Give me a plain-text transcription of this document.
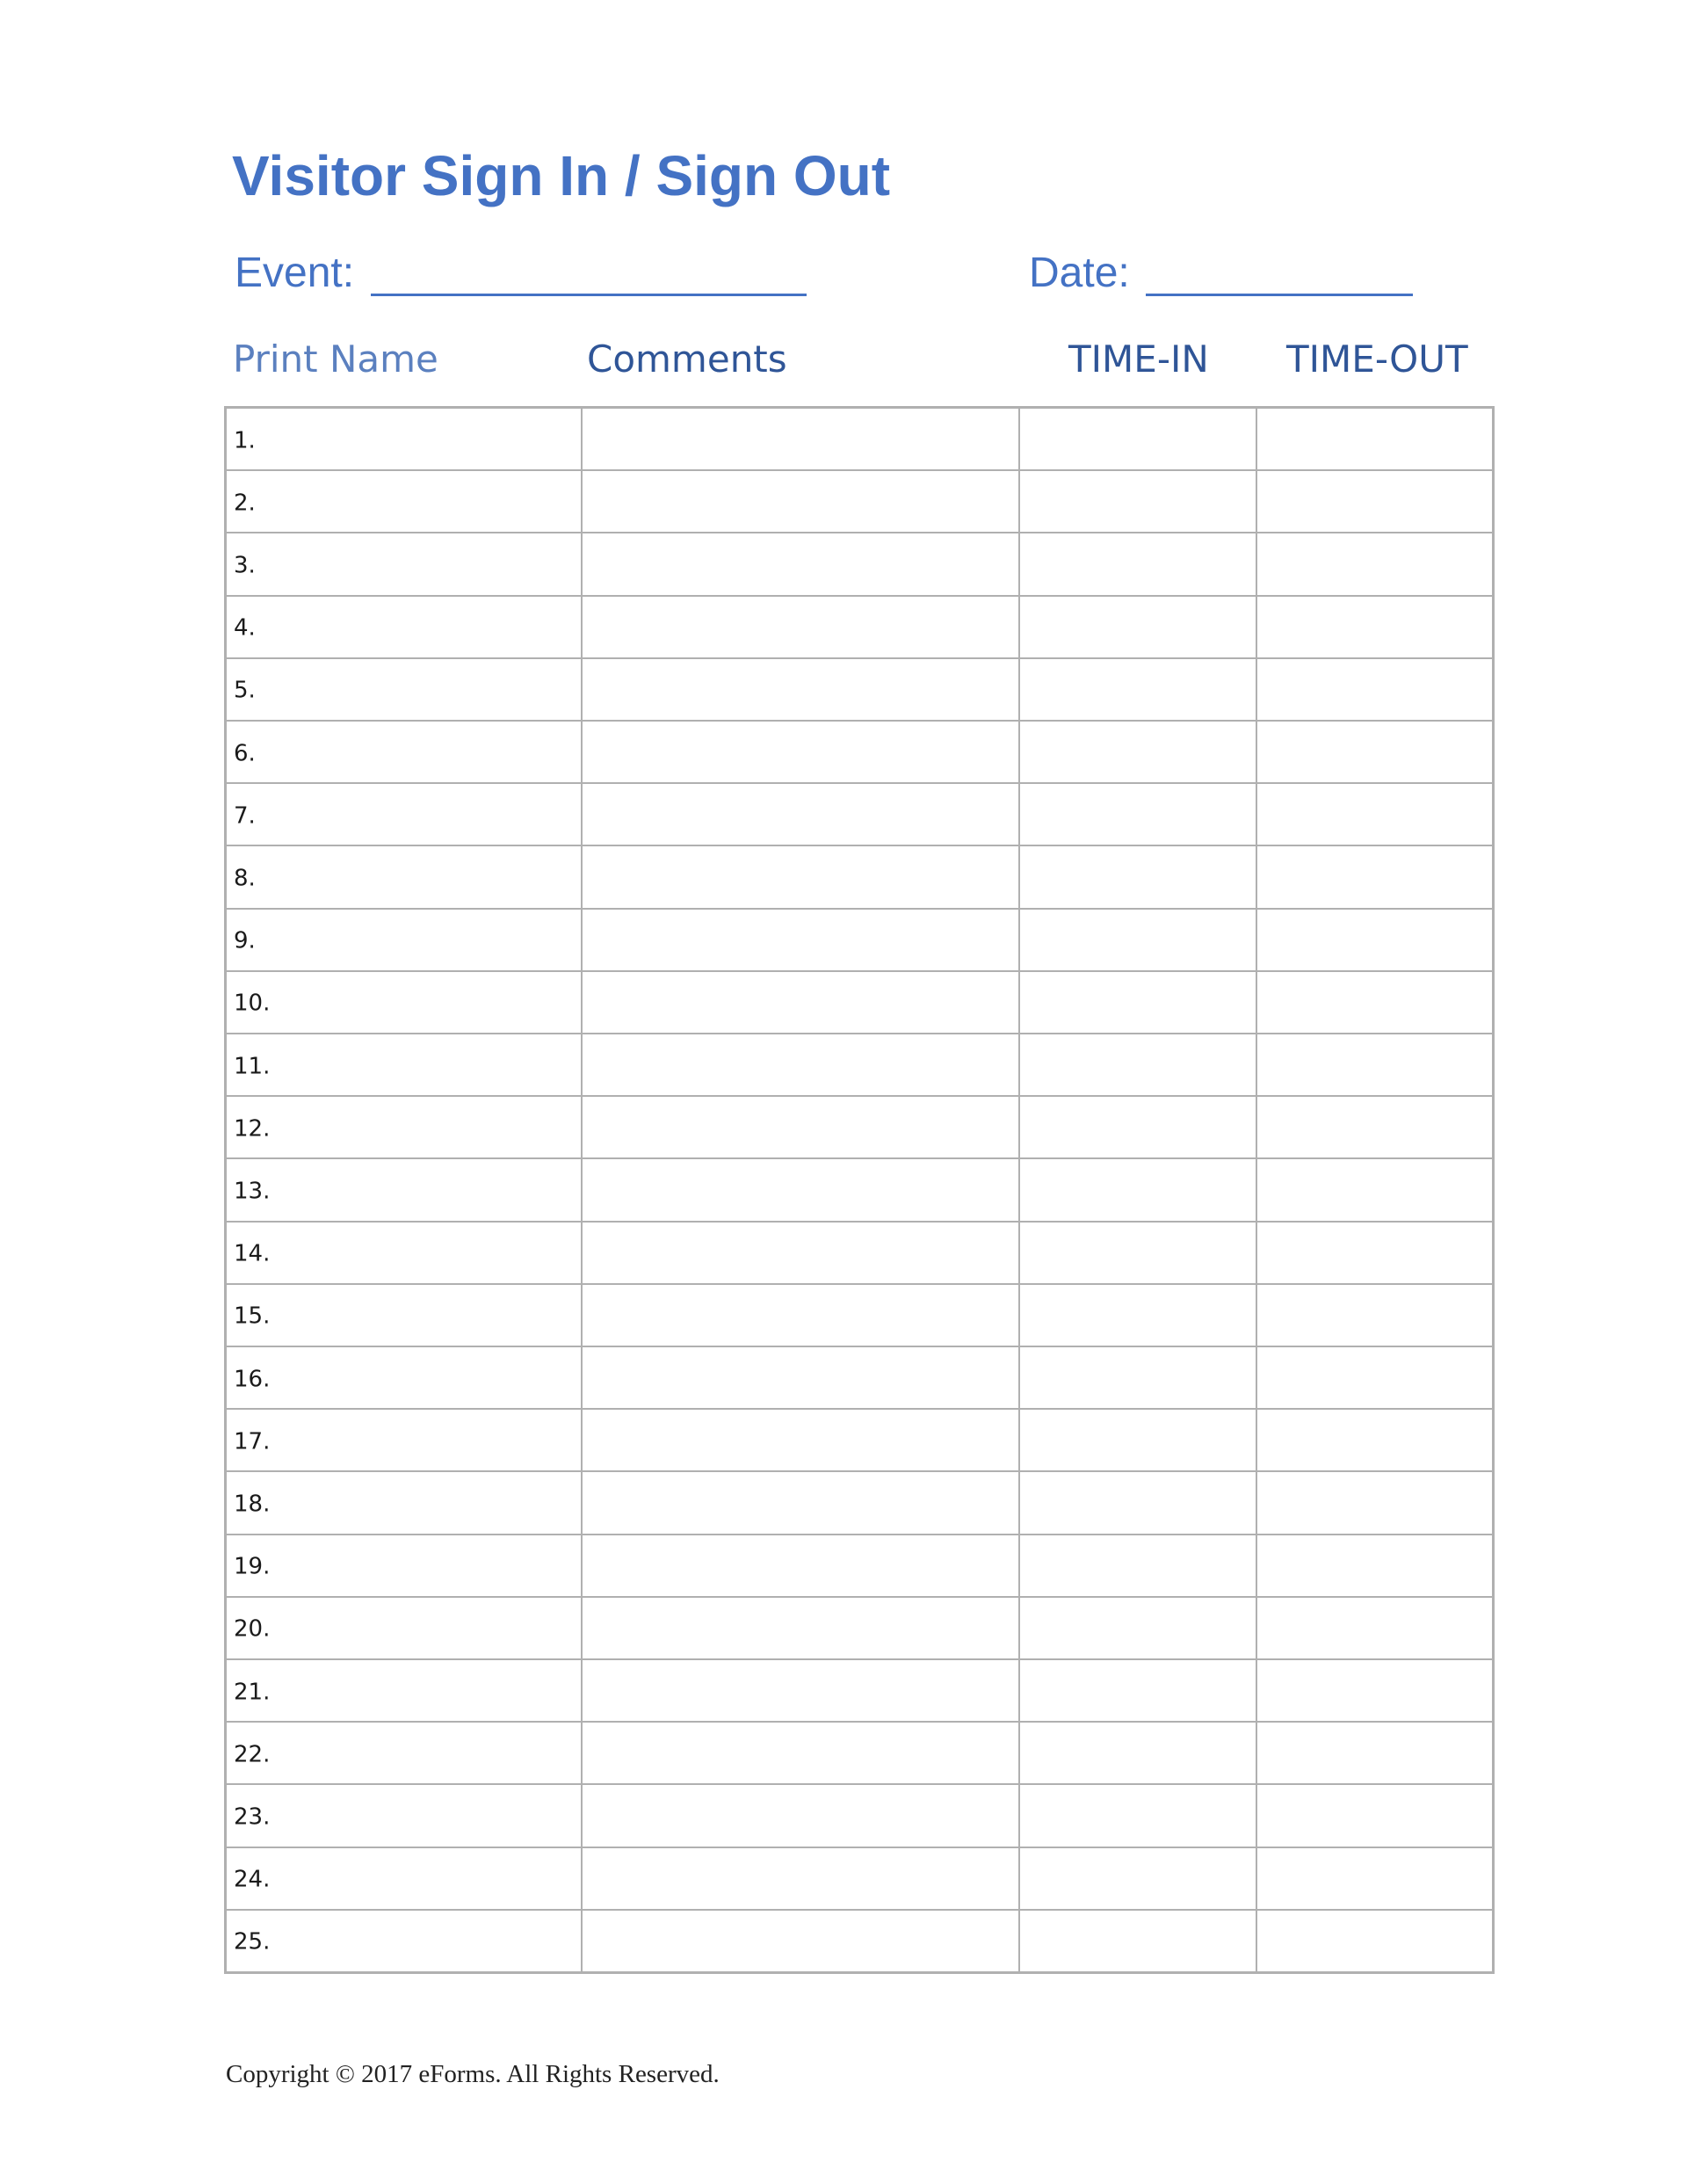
Visitor Sign In / Sign Out
Event:	Date:
Print Name	Comments	TIME-IN TIME-OUT
1.
2.
3.
4.
5.
6.
7.
8.
9.
10.
11.
12.
13.
14.
15.
16.
17.
18.
19.
20.
21.
22.
23.
24.
25.
Copyright © 2017 eForms. All Rights Reserved.
